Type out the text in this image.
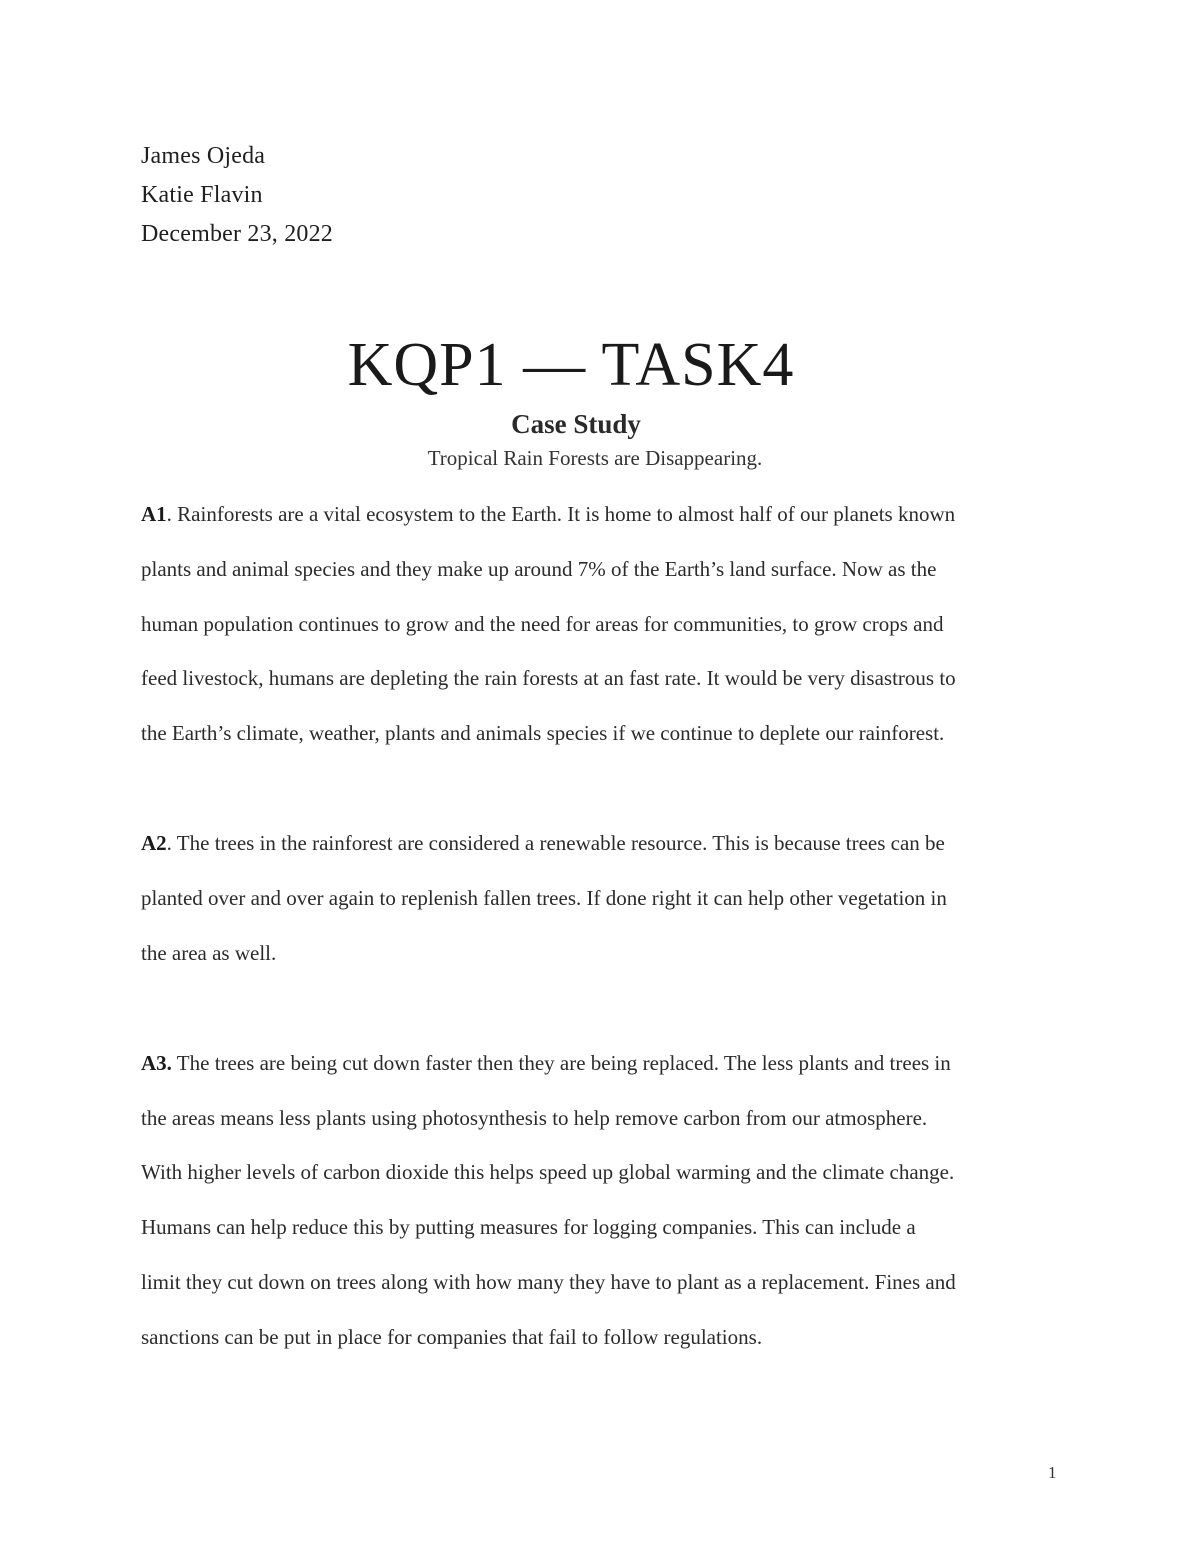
James Ojeda
Katie Flavin
December 23, 2022
KQP1 — TASK4
Case Study
Tropical Rain Forests are Disappearing.
A1. Rainforests are a vital ecosystem to the Earth. It is home to almost half of our planets known
plants and animal species and they make up around 7% of the Earth’s land surface. Now as the
human population continues to grow and the need for areas for communities, to grow crops and
feed livestock, humans are depleting the rain forests at an fast rate. It would be very disastrous to
the Earth’s climate, weather, plants and animals species if we continue to deplete our rainforest.
A2. The trees in the rainforest are considered a renewable resource. This is because trees can be
planted over and over again to replenish fallen trees. If done right it can help other vegetation in
the area as well.
A3. The trees are being cut down faster then they are being replaced. The less plants and trees in
the areas means less plants using photosynthesis to help remove carbon from our atmosphere.
With higher levels of carbon dioxide this helps speed up global warming and the climate change.
Humans can help reduce this by putting measures for logging companies. This can include a
limit they cut down on trees along with how many they have to plant as a replacement. Fines and
sanctions can be put in place for companies that fail to follow regulations.
1
